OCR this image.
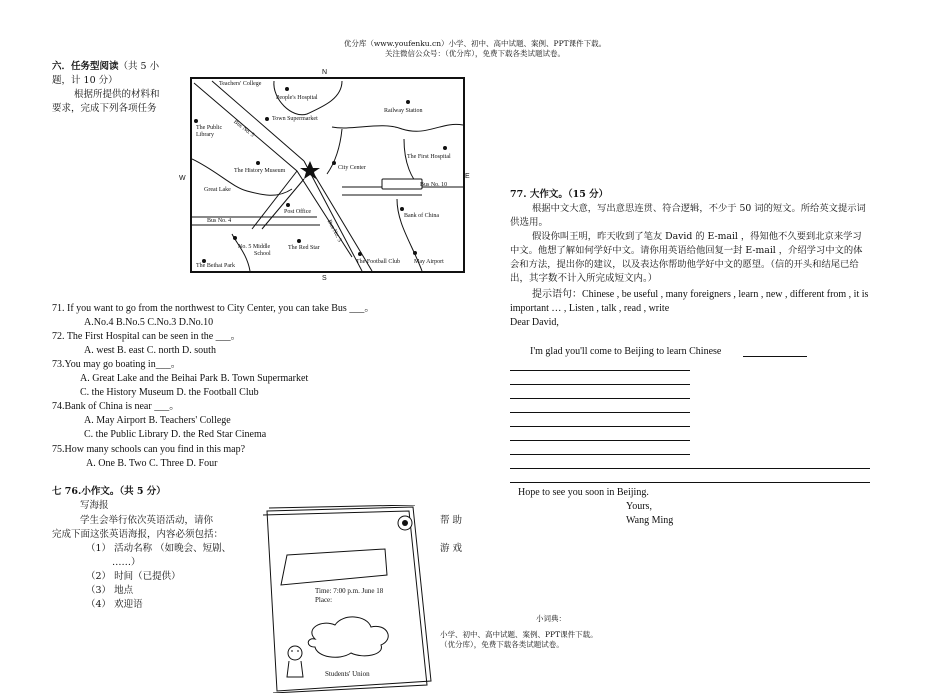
优分库（www.youfenku.cn）小学、初中、高中试题、案例、PPT课件下载。
关注微信公众号：（优分库），免费下载各类试题试卷。
六．任务型阅读（共 5 小
题，计 10 分）
根据所提供的材料和
要求，完成下列各项任务
N
S
E
W
Teachers' College
People's Hospital
Railway Station
Bus No. 5	Town Supermarket
The Public
Library
The First Hospital
The History Museum	City Center
Great Lake
Bus No. 10
Post Office
Bank of China
Bus No. 4	Bus No. 3
No. 5 Middle
School
The Red Star
The Football Club May Airport
The Beihai Park
71. If you want to go from the northwest to City Center, you can take Bus ___。
A.No.4 B.No.5 C.No.3 D.No.10
72. The First Hospital can be seen in the ___。
A. west B. east C. north D. south
73.You may go boating in___。
A. Great Lake and the Beihai Park B. Town Supermarket
C. the History Museum D. the Football Club
74.Bank of China is near ___。
A. May Airport B. Teachers' College
C. the Public Library D. the Red Star Cinema
75.How many schools can you find in this map?
A. One B. Two C. Three D. Four
七 76.小作文。（共 5 分）
写海报
学生会举行依次英语活动，请你	帮 助
完成下面这张英语海报，内容必须包括：
（1） 活动名称 （如晚会、短剧、	游 戏
……）
（2） 时间（已提供）
（3） 地点
（4） 欢迎语
Time: 7:00 p.m. June 18
Place:
Students' Union
77. 大作文。（15 分）
根据中文大意，写出意思连贯、符合逻辑，不少于 50 词的短文。所给英文提示词
供选用。
假设你叫王明，昨天收到了笔友 David 的 E-mail ，得知他不久要到北京来学习
中文。他想了解如何学好中文。请你用英语给他回复一封 E-mail ，介绍学习中文的体
会和方法，提出你的建议，以及表达你帮助他学好中文的愿望。（信的开头和结尾已给
出，其字数不计入所完成短文内。）
提示语句：Chinese , be useful , many foreigners , learn , new , different from , it is
important … , Listen , talk , read , write
Dear David,
I'm glad you'll come to Beijing to learn Chinese
Hope to see you soon in Beijing.
Yours,
Wang Ming
小词典：
小学、初中、高中试题、案例、PPT课件下载。
（优分库），免费下载各类试题试卷。
